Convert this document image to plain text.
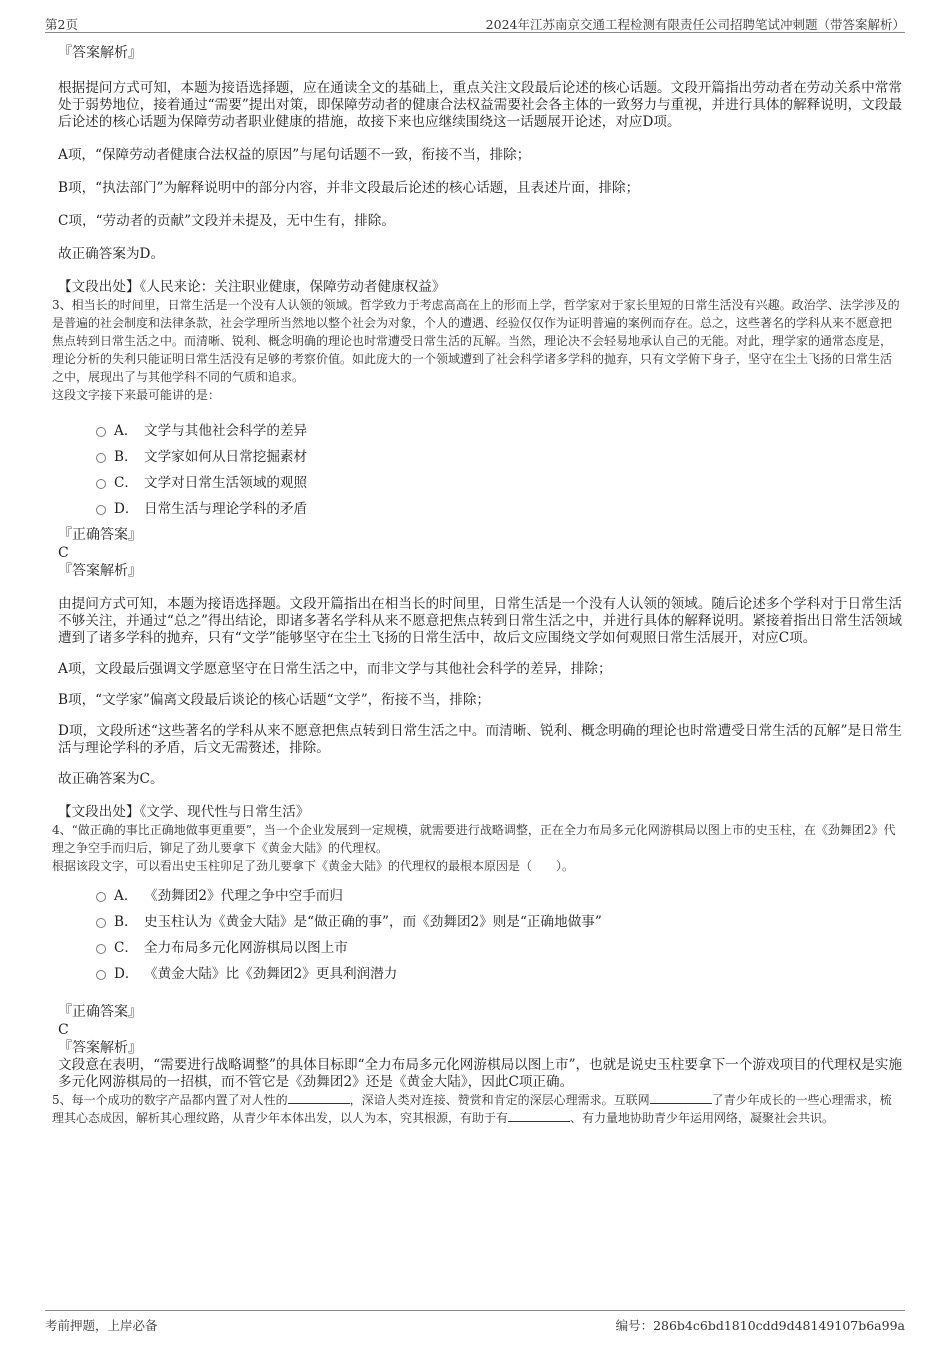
第2页	2024年江苏南京交通工程检测有限责任公司招聘笔试冲刺题（带答案解析）

『答案解析』

根据提问方式可知，本题为接语选择题，应在通读全文的基础上，重点关注文段最后论述的核心话题。文段开篇指出劳动者在劳动关系中常常处于弱势地位，接着通过“需要”提出对策，即保障劳动者的健康合法权益需要社会各主体的一致努力与重视，并进行具体的解释说明，文段最后论述的核心话题为保障劳动者职业健康的措施，故接下来也应继续围绕这一话题展开论述，对应D项。

A项，“保障劳动者健康合法权益的原因”与尾句话题不一致，衔接不当，排除；

B项，“执法部门”为解释说明中的部分内容，并非文段最后论述的核心话题，且表述片面，排除；

C项，“劳动者的贡献”文段并未提及，无中生有，排除。

故正确答案为D。

【文段出处】《人民来论：关注职业健康，保障劳动者健康权益》

3、相当长的时间里，日常生活是一个没有人认领的领域。哲学致力于考虑高高在上的形而上学，哲学家对于家长里短的日常生活没有兴趣。政治学、法学涉及的是普遍的社会制度和法律条款，社会学理所当然地以整个社会为对象，个人的遭遇、经验仅仅作为证明普遍的案例而存在。总之，这些著名的学科从来不愿意把焦点转到日常生活之中。而清晰、锐利、概念明确的理论也时常遭受日常生活的瓦解。当然，理论决不会轻易地承认自己的无能。对此，理学家的通常态度是，理论分析的失利只能证明日常生活没有足够的考察价值。如此庞大的一个领域遭到了社会科学诸多学科的抛弃，只有文学俯下身子，坚守在尘土飞扬的日常生活之中，展现出了与其他学科不同的气质和追求。

这段文字接下来最可能讲的是：

A． 文学与其他社会科学的差异
B． 文学家如何从日常挖掘素材
C． 文学对日常生活领域的观照
D． 日常生活与理论学科的矛盾

『正确答案』

C

『答案解析』

由提问方式可知，本题为接语选择题。文段开篇指出在相当长的时间里，日常生活是一个没有人认领的领域。随后论述多个学科对于日常生活不够关注，并通过“总之”得出结论，即诸多著名学科从来不愿意把焦点转到日常生活之中，并进行具体的解释说明。紧接着指出日常生活领域遭到了诸多学科的抛弃，只有“文学”能够坚守在尘土飞扬的日常生活中，故后文应围绕文学如何观照日常生活展开，对应C项。

A项，文段最后强调文学愿意坚守在日常生活之中，而非文学与其他社会科学的差异，排除；

B项，“文学家”偏离文段最后谈论的核心话题“文学”，衔接不当，排除；

D项，文段所述“这些著名的学科从来不愿意把焦点转到日常生活之中。而清晰、锐利、概念明确的理论也时常遭受日常生活的瓦解”是日常生活与理论学科的矛盾，后文无需赘述，排除。

故正确答案为C。

【文段出处】《文学、现代性与日常生活》

4、“做正确的事比正确地做事更重要”，当一个企业发展到一定规模，就需要进行战略调整，正在全力布局多元化网游棋局以图上市的史玉柱，在《劲舞团2》代理之争空手而归后，铆足了劲儿要拿下《黄金大陆》的代理权。

根据该段文字，可以看出史玉柱卯足了劲儿要拿下《黄金大陆》的代理权的最根本原因是（　　）。

A． 《劲舞团2》代理之争中空手而归
B． 史玉柱认为《黄金大陆》是“做正确的事”，而《劲舞团2》则是“正确地做事”
C． 全力布局多元化网游棋局以图上市
D． 《黄金大陆》比《劲舞团2》更具利润潜力

『正确答案』

C

『答案解析』

文段意在表明，“需要进行战略调整”的具体目标即“全力布局多元化网游棋局以图上市”，也就是说史玉柱要拿下一个游戏项目的代理权是实施多元化网游棋局的一招棋，而不管它是《劲舞团2》还是《黄金大陆》，因此C项正确。

5、每一个成功的数字产品都内置了对人性的	，深谙人类对连接、赞赏和肯定的深层心理需求。互联网	了青少年成长的一些心理需求，梳理其心态成因，解析其心理纹路，从青少年本体出发，以人为本，究其根源，有助于有	、有力量地协助青少年运用网络，凝聚社会共识。

考前押题，上岸必备	编号：286b4c6bd1810cdd9d48149107b6a99a
